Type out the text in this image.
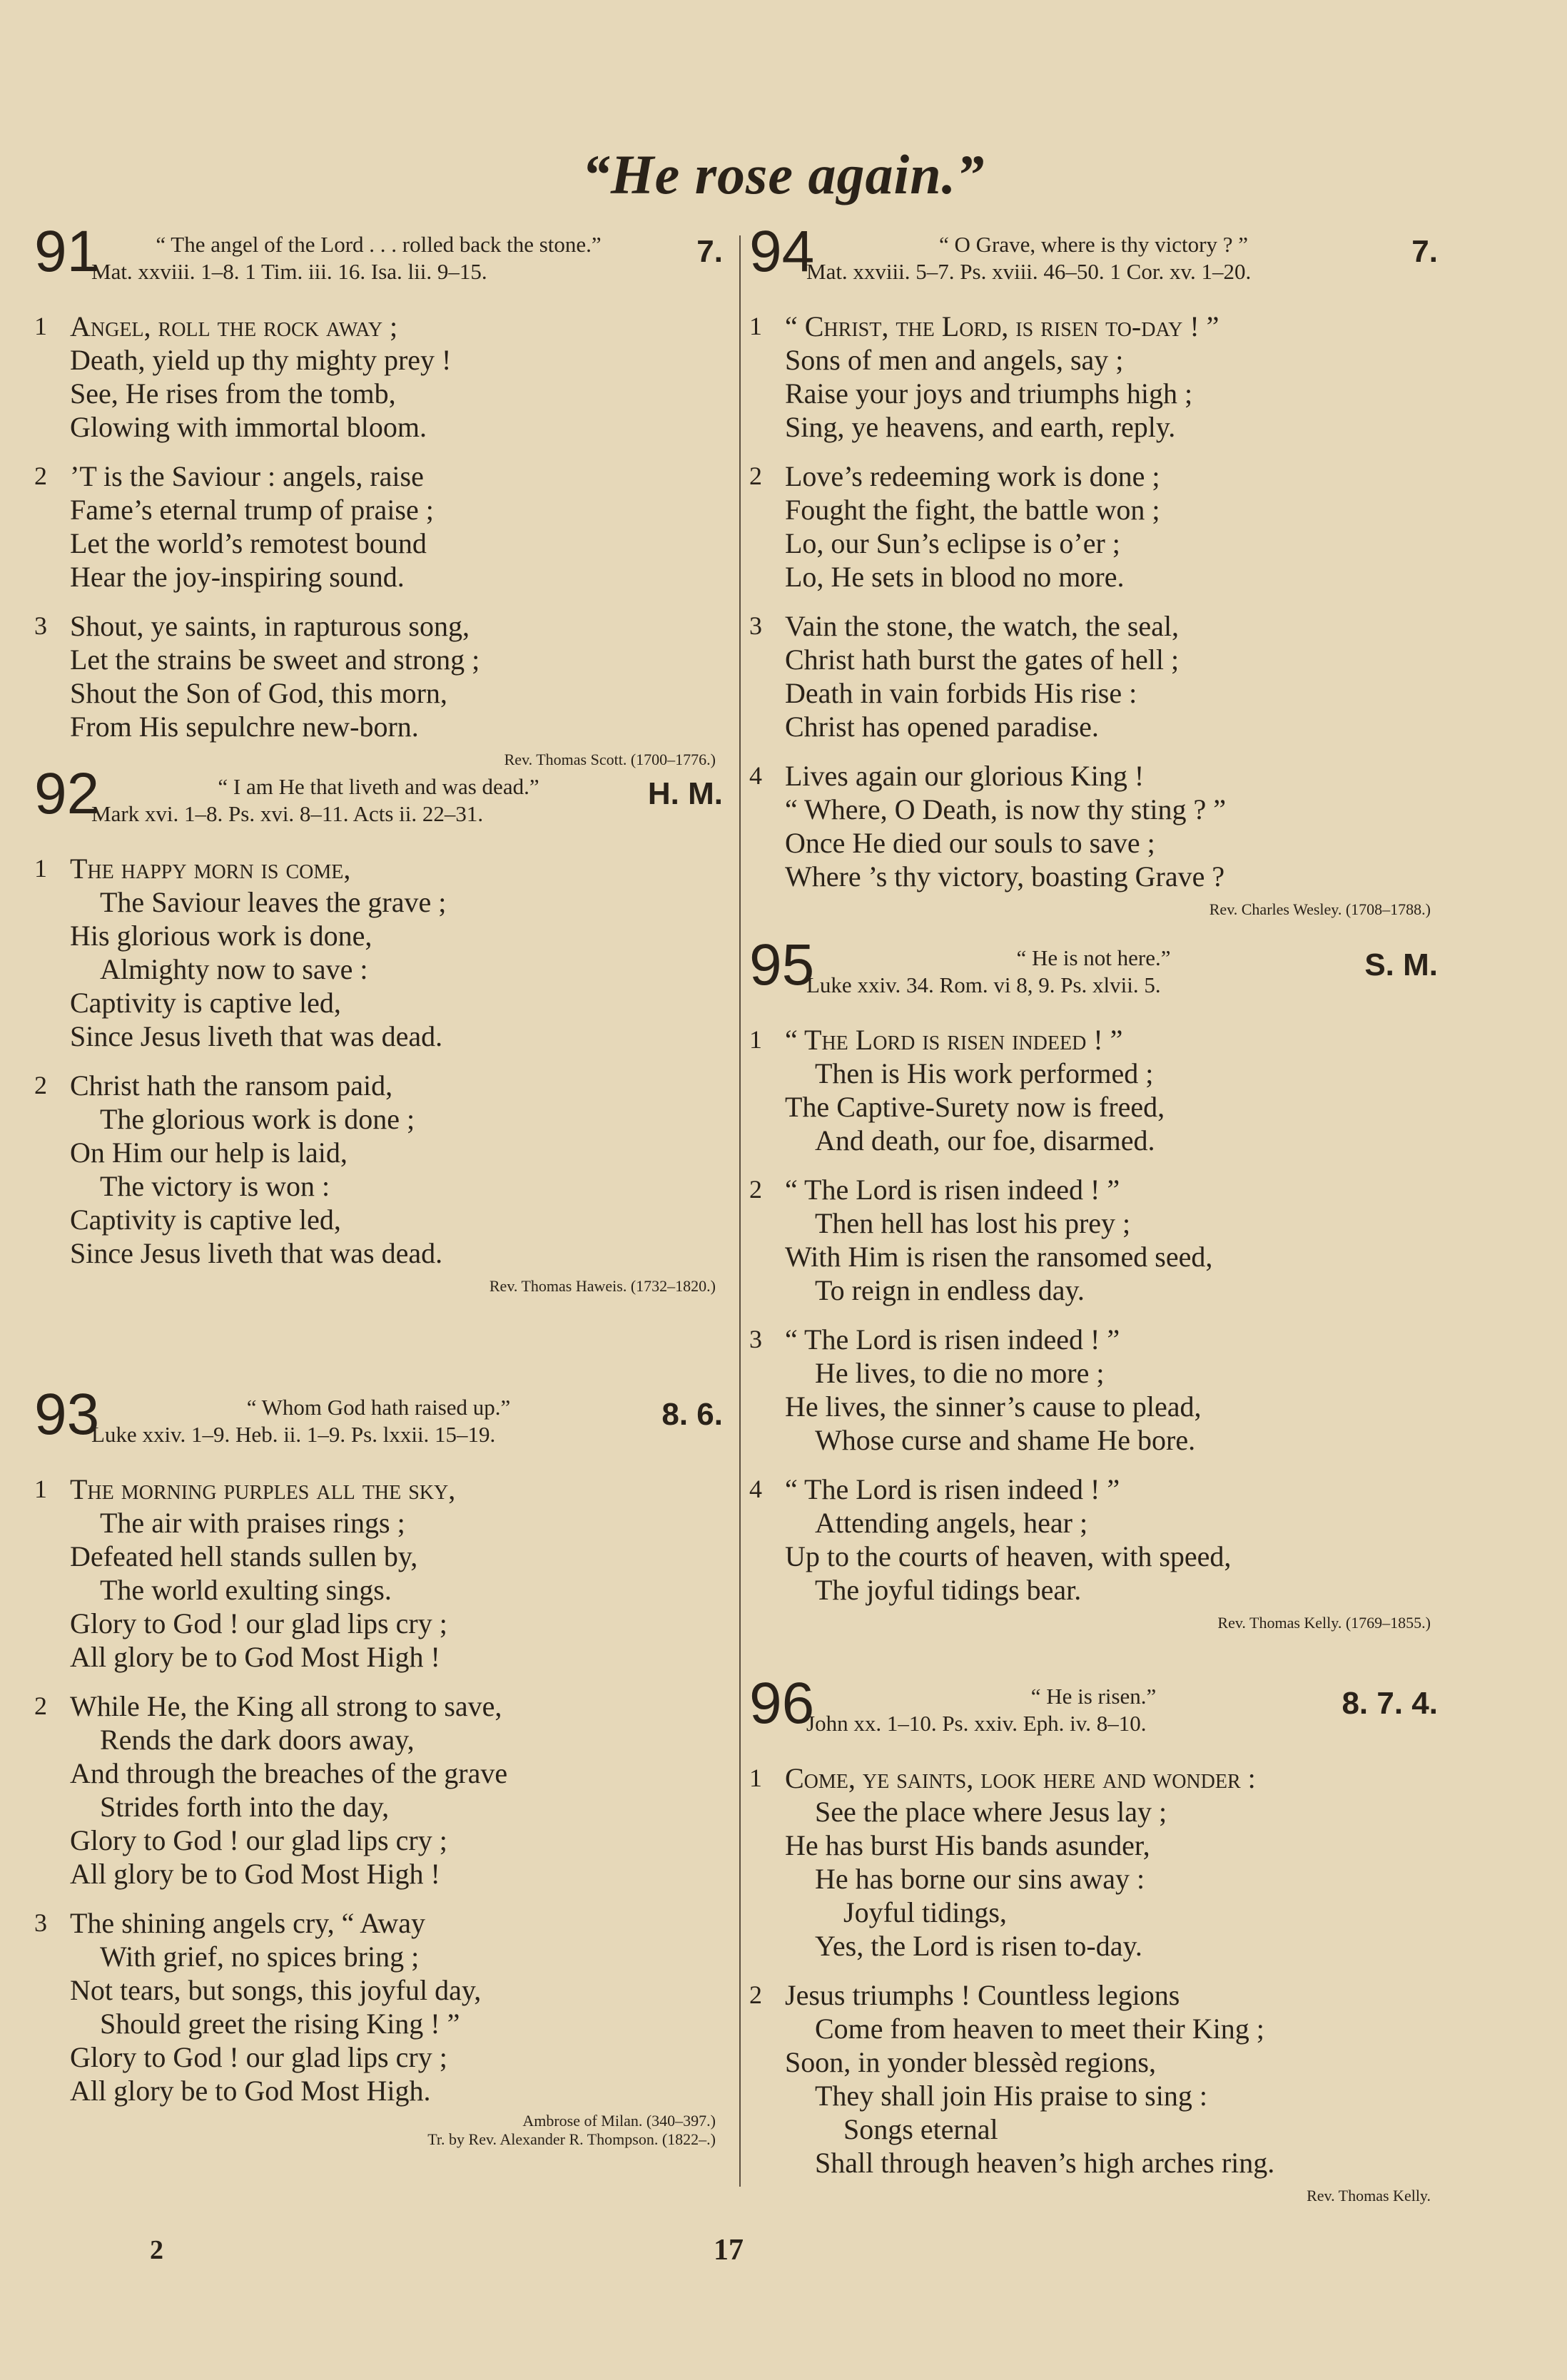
“He rose again.”
91	“ The angel of the Lord . . . rolled back the stone.”
Mat. xxviii. 1–8. 1 Tim. iii. 16. Isa. lii. 9–15.
7.
1 Angel, roll the rock away ;
Death, yield up thy mighty prey !
See, He rises from the tomb,
Glowing with immortal bloom.
2 ’T is the Saviour : angels, raise
Fame’s eternal trump of praise ;
Let the world’s remotest bound
Hear the joy-inspiring sound.
3 Shout, ye saints, in rapturous song,
Let the strains be sweet and strong ;
Shout the Son of God, this morn,
From His sepulchre new-born.
Rev. Thomas Scott. (1700–1776.)
92	“ I am He that liveth and was dead.”
Mark xvi. 1–8. Ps. xvi. 8–11. Acts ii. 22–31.
H. M.
1 The happy morn is come,
The Saviour leaves the grave ;
His glorious work is done,
Almighty now to save :
Captivity is captive led,
Since Jesus liveth that was dead.
2 Christ hath the ransom paid,
The glorious work is done ;
On Him our help is laid,
The victory is won :
Captivity is captive led,
Since Jesus liveth that was dead.
Rev. Thomas Haweis. (1732–1820.)
93	“ Whom God hath raised up.”
Luke xxiv. 1–9. Heb. ii. 1–9. Ps. lxxii. 15–19.
8. 6.
1 The morning purples all the sky,
The air with praises rings ;
Defeated hell stands sullen by,
The world exulting sings.
Glory to God ! our glad lips cry ;
All glory be to God Most High !
2 While He, the King all strong to save,
Rends the dark doors away,
And through the breaches of the grave
Strides forth into the day,
Glory to God ! our glad lips cry ;
All glory be to God Most High !
3 The shining angels cry, “ Away
With grief, no spices bring ;
Not tears, but songs, this joyful day,
Should greet the rising King ! ”
Glory to God ! our glad lips cry ;
All glory be to God Most High.
Ambrose of Milan. (340–397.)
Tr. by Rev. Alexander R. Thompson. (1822–.)
94	“ O Grave, where is thy victory ? ”
Mat. xxviii. 5–7. Ps. xviii. 46–50. 1 Cor. xv. 1–20.
7.
1 “ Christ, the Lord, is risen to-day ! ”
Sons of men and angels, say ;
Raise your joys and triumphs high ;
Sing, ye heavens, and earth, reply.
2 Love’s redeeming work is done ;
Fought the fight, the battle won ;
Lo, our Sun’s eclipse is o’er ;
Lo, He sets in blood no more.
3 Vain the stone, the watch, the seal,
Christ hath burst the gates of hell ;
Death in vain forbids His rise :
Christ has opened paradise.
4 Lives again our glorious King !
“ Where, O Death, is now thy sting ? ”
Once He died our souls to save ;
Where ’s thy victory, boasting Grave ?
Rev. Charles Wesley. (1708–1788.)
95	“ He is not here.”
Luke xxiv. 34. Rom. vi 8, 9. Ps. xlvii. 5.
S. M.
1 “ The Lord is risen indeed ! ”
Then is His work performed ;
The Captive-Surety now is freed,
And death, our foe, disarmed.
2 “ The Lord is risen indeed ! ”
Then hell has lost his prey ;
With Him is risen the ransomed seed,
To reign in endless day.
3 “ The Lord is risen indeed ! ”
He lives, to die no more ;
He lives, the sinner’s cause to plead,
Whose curse and shame He bore.
4 “ The Lord is risen indeed ! ”
Attending angels, hear ;
Up to the courts of heaven, with speed,
The joyful tidings bear.
Rev. Thomas Kelly. (1769–1855.)
96	“ He is risen.”
John xx. 1–10. Ps. xxiv. Eph. iv. 8–10.
8. 7. 4.
1 Come, ye saints, look here and wonder :
See the place where Jesus lay ;
He has burst His bands asunder,
He has borne our sins away :
Joyful tidings,
Yes, the Lord is risen to-day.
2 Jesus triumphs ! Countless legions
Come from heaven to meet their King ;
Soon, in yonder blessèd regions,
They shall join His praise to sing :
Songs eternal
Shall through heaven’s high arches ring.
Rev. Thomas Kelly.
2	17
